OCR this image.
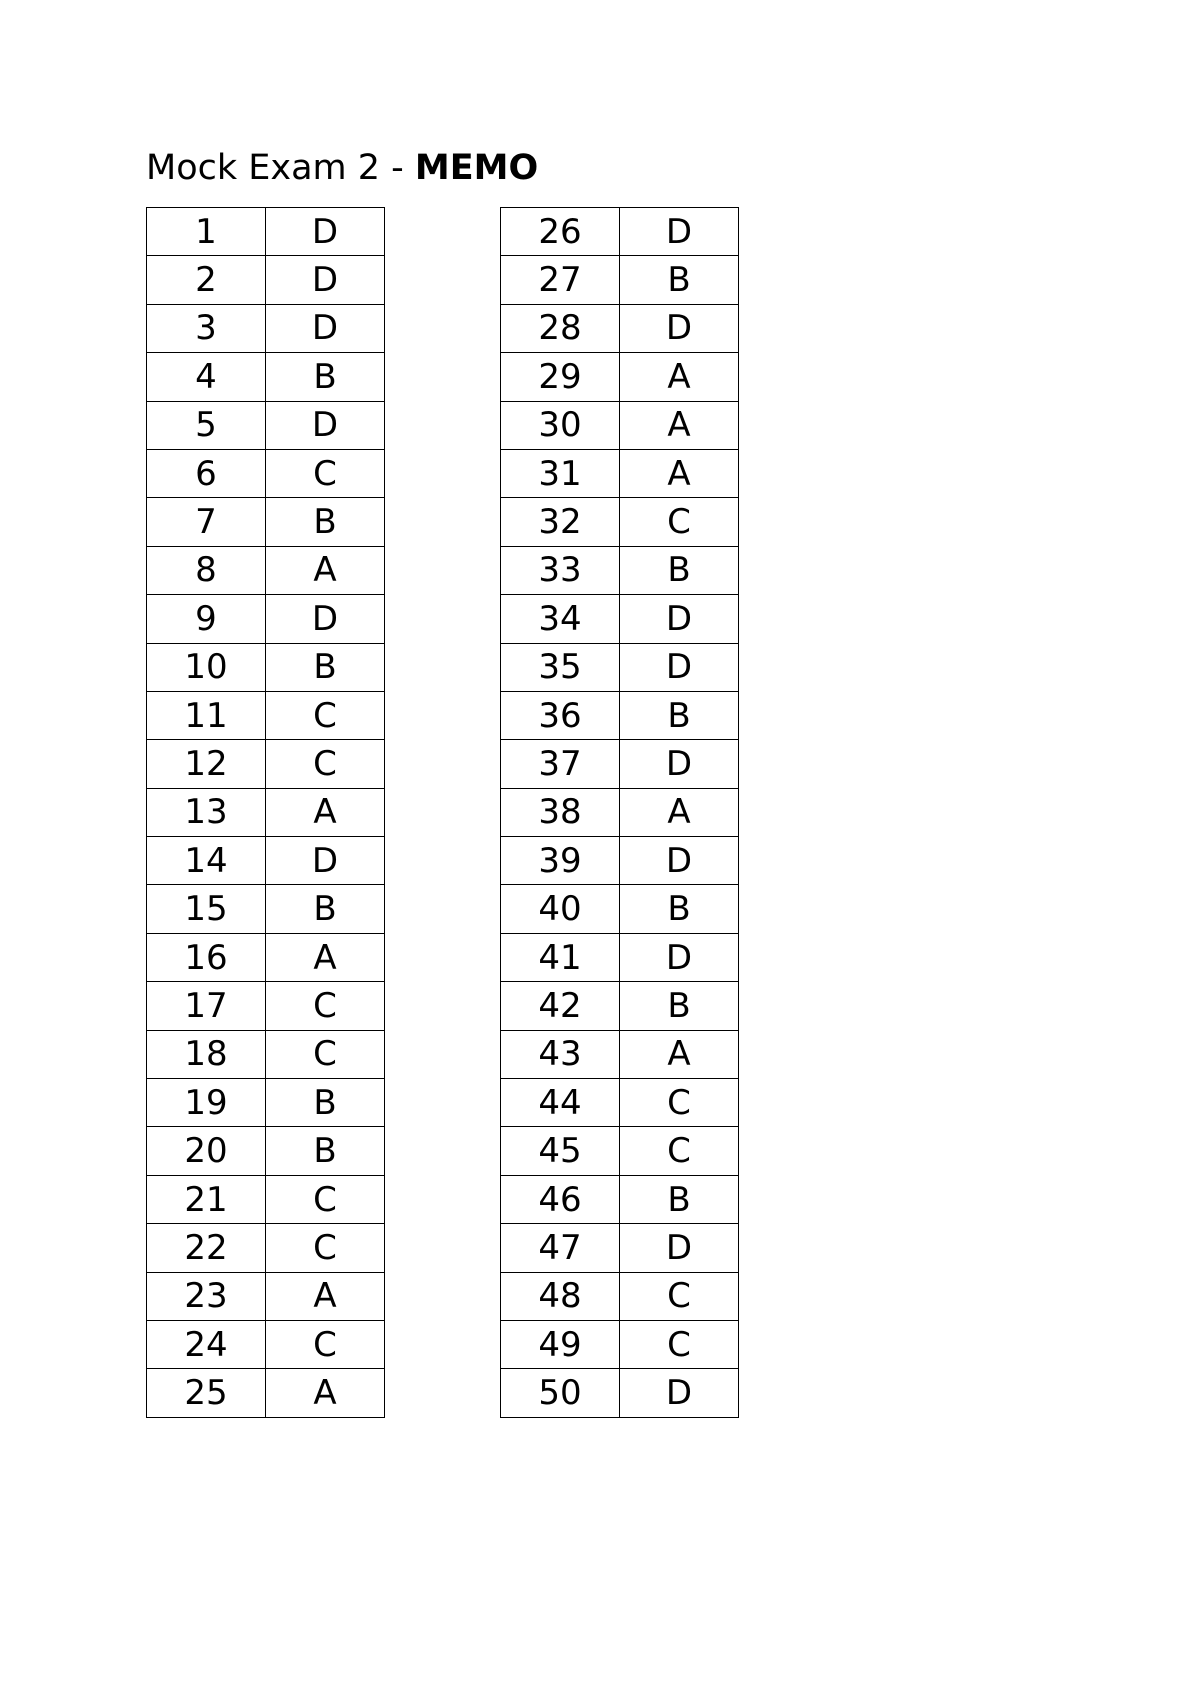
Mock Exam 2 - MEMO
1	D
2	D
3	D
4	B
5	D
6	C
7	B
8	A
9	D
10	B
11	C
12	C
13	A
14	D
15	B
16	A
17	C
18	C
19	B
20	B
21	C
22	C
23	A
24	C
25	A
26	D
27	B
28	D
29	A
30	A
31	A
32	C
33	B
34	D
35	D
36	B
37	D
38	A
39	D
40	B
41	D
42	B
43	A
44	C
45	C
46	B
47	D
48	C
49	C
50	D
